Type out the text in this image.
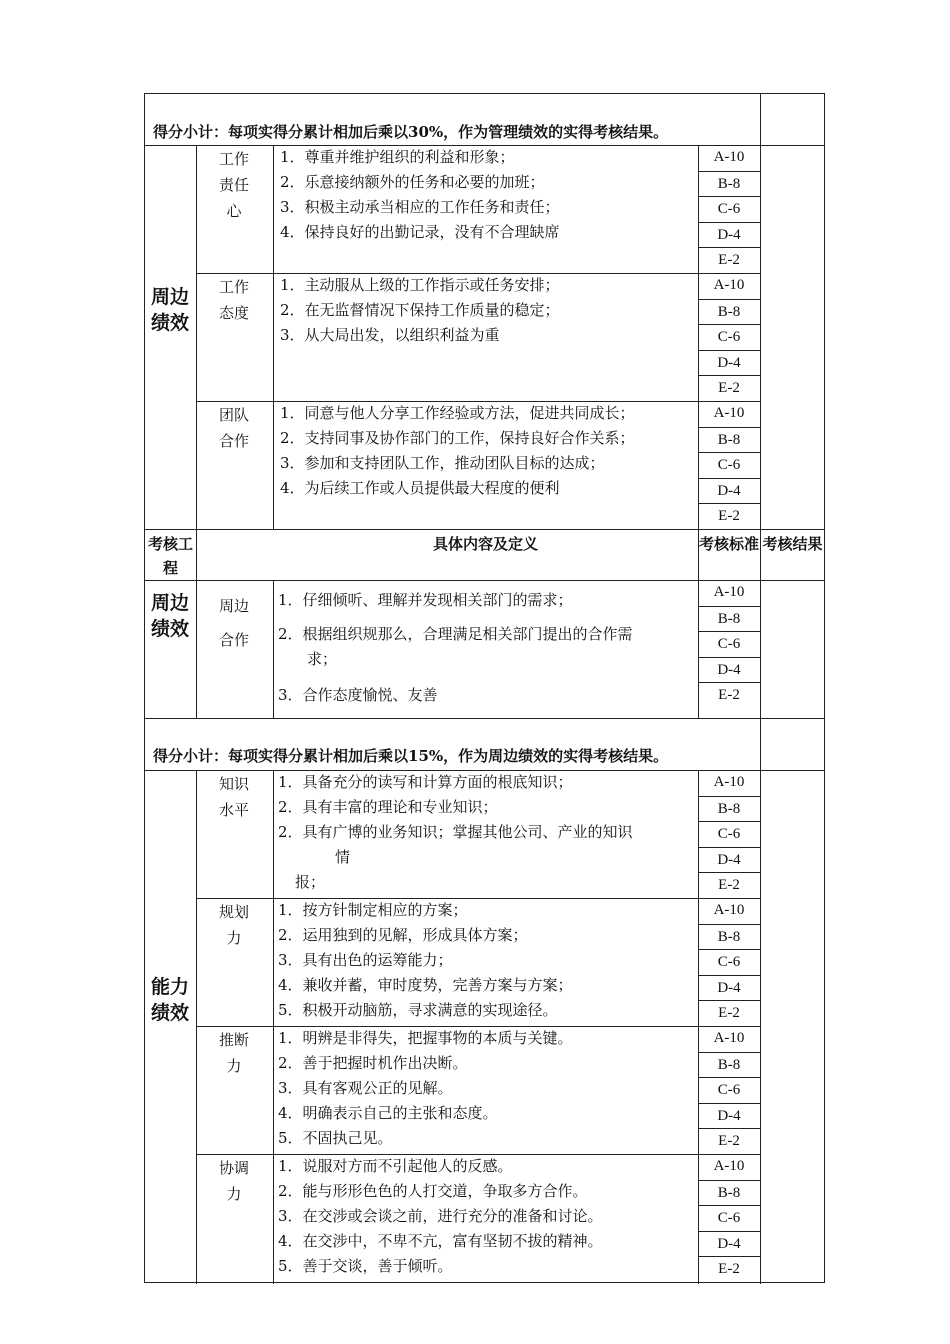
得分小计：每项实得分累计相加后乘以30%，作为管理绩效的实得考核结果。
周边绩效
周边绩效
能力绩效
考核工程
具体内容及定义	考核标准 考核结果
得分小计：每项实得分累计相加后乘以15%，作为周边绩效的实得考核结果。
工作责任心
1．尊重并维护组织的利益和形象；
2．乐意接纳额外的任务和必要的加班；
3．积极主动承当相应的工作任务和责任；
4．保持良好的出勤记录，没有不合理缺席
A-10
B-8
C-6
D-4
E-2
工作态度
1．主动服从上级的工作指示或任务安排；
2．在无监督情况下保持工作质量的稳定；
3．从大局出发，以组织利益为重
A-10
B-8
C-6
D-4
E-2
团队合作
1．同意与他人分享工作经验或方法，促进共同成长；
2．支持同事及协作部门的工作，保持良好合作关系；
3．参加和支持团队工作，推动团队目标的达成；
4．为后续工作或人员提供最大程度的便利
A-10
B-8
C-6
D-4
E-2
周边合作
1．仔细倾听、理解并发现相关部门的需求；
2．根据组织规那么，合理满足相关部门提出的合作需
求；
3．合作态度愉悦、友善
A-10
B-8
C-6
D-4
E-2
知识水平
1．具备充分的读写和计算方面的根底知识；
2．具有丰富的理论和专业知识；
2．具有广博的业务知识；掌握其他公司、产业的知识
情
报；
A-10
B-8
C-6
D-4
E-2
规划力
1．按方针制定相应的方案；
2．运用独到的见解，形成具体方案；
3．具有出色的运筹能力；
4．兼收并蓄，审时度势，完善方案与方案；
5．积极开动脑筋，寻求满意的实现途径。
A-10
B-8
C-6
D-4
E-2
推断力
1．明辨是非得失，把握事物的本质与关键。
2．善于把握时机作出决断。
3．具有客观公正的见解。
4．明确表示自己的主张和态度。
5．不固执己见。
A-10
B-8
C-6
D-4
E-2
协调力
1．说服对方而不引起他人的反感。
2．能与形形色色的人打交道，争取多方合作。
3．在交涉或会谈之前，进行充分的准备和讨论。
4．在交涉中，不卑不亢，富有坚韧不拔的精神。
5．善于交谈，善于倾听。
A-10
B-8
C-6
D-4
E-2
